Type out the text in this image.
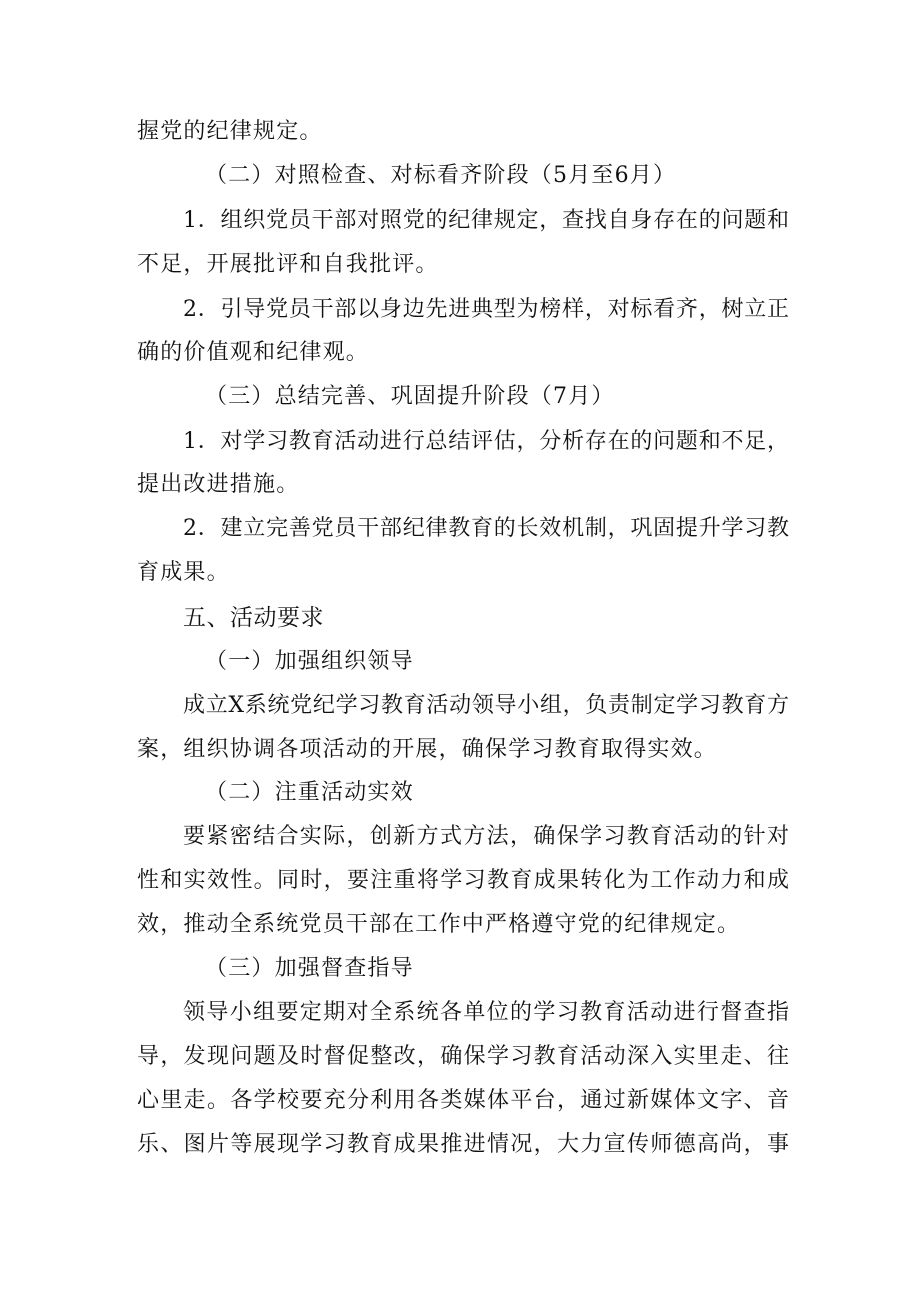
握党的纪律规定。
（二）对照检查、对标看齐阶段（5月至6月）
1．组织党员干部对照党的纪律规定，查找自身存在的问题和
不足，开展批评和自我批评。
2．引导党员干部以身边先进典型为榜样，对标看齐，树立正
确的价值观和纪律观。
（三）总结完善、巩固提升阶段（7月）
1．对学习教育活动进行总结评估，分析存在的问题和不足，
提出改进措施。
2．建立完善党员干部纪律教育的长效机制，巩固提升学习教
育成果。
五、活动要求
（一）加强组织领导
成立X系统党纪学习教育活动领导小组，负责制定学习教育方
案，组织协调各项活动的开展，确保学习教育取得实效。
（二）注重活动实效
要紧密结合实际，创新方式方法，确保学习教育活动的针对
性和实效性。同时，要注重将学习教育成果转化为工作动力和成
效，推动全系统党员干部在工作中严格遵守党的纪律规定。
（三）加强督查指导
领导小组要定期对全系统各单位的学习教育活动进行督查指
导，发现问题及时督促整改，确保学习教育活动深入实里走、往
心里走。各学校要充分利用各类媒体平台，通过新媒体文字、音
乐、图片等展现学习教育成果推进情况，大力宣传师德高尚，事
